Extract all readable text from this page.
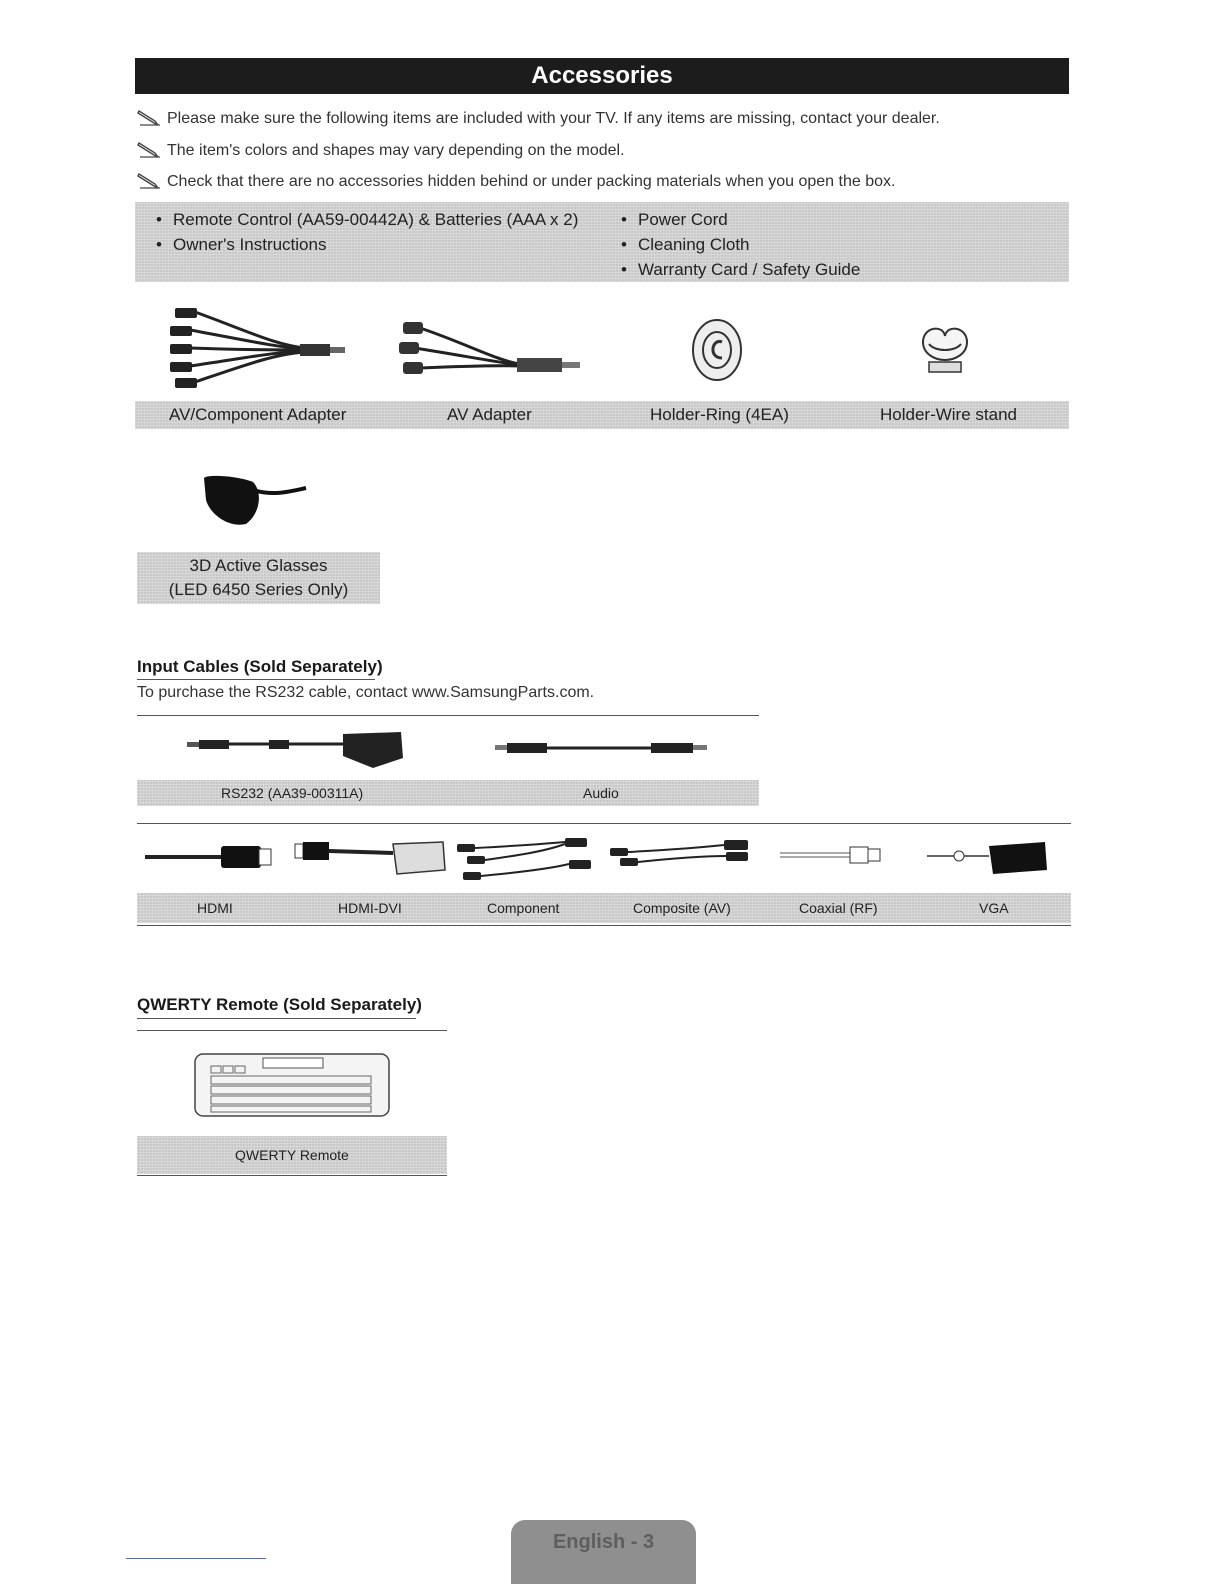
Accessories
Please make sure the following items are included with your TV. If any items are missing, contact your dealer.
The item's colors and shapes may vary depending on the model.
Check that there are no accessories hidden behind or under packing materials when you open the box.
• Remote Control (AA59-00442A) & Batteries (AAA x 2)
• Owner's Instructions
• Power Cord
• Cleaning Cloth
• Warranty Card / Safety Guide
AV/Component Adapter	AV Adapter	Holder-Ring (4EA)	Holder-Wire stand
3D Active Glasses
(LED 6450 Series Only)
Input Cables (Sold Separately)
To purchase the RS232 cable, contact www.SamsungParts.com.
RS232 (AA39-00311A)	Audio
HDMI	HDMI-DVI	Component	Composite (AV)	Coaxial (RF)	VGA
QWERTY Remote (Sold Separately)
QWERTY Remote
English - 3
